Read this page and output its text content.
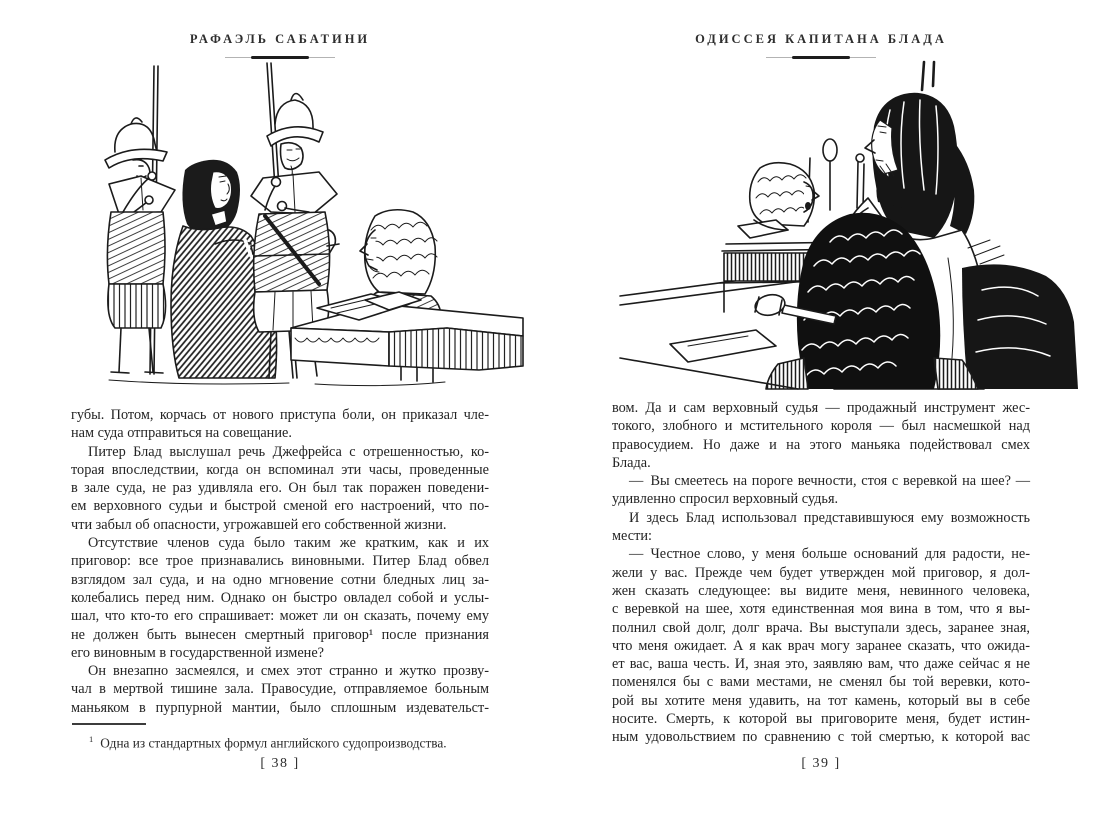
РАФАЭЛЬ САБАТИНИ
губы. Потом, корчась от нового приступа боли, он приказал чле-
нам суда отправиться на совещание.
Питер Блад выслушал речь Джефрейса с отрешенностью, ко-
торая впоследствии, когда он вспоминал эти часы, проведенные
в зале суда, не раз удивляла его. Он был так поражен поведени-
ем верховного судьи и быстрой сменой его настроений, что по-
чти забыл об опасности, угрожавшей его собственной жизни.
Отсутствие членов суда было таким же кратким, как и их
приговор: все трое признавались виновными. Питер Блад обвел
взглядом зал суда, и на одно мгновение сотни бледных лиц за-
колебались перед ним. Однако он быстро овладел собой и услы-
шал, что кто-то его спрашивает: может ли он сказать, почему ему
не должен быть вынесен смертный приговор¹ после признания
его виновным в государственной измене?
Он внезапно засмеялся, и смех этот странно и жутко прозву-
чал в мертвой тишине зала. Правосудие, отправляемое больным
маньяком в пурпурной мантии, было сплошным издевательст-
$^1$ Одна из стандартных формул английского судопроизводства.
[ 38 ]
ОДИССЕЯ КАПИТАНА БЛАДА
вом. Да и сам верховный судья — продажный инструмент жес-
токого, злобного и мстительного короля — был насмешкой над
правосудием. Но даже и на этого маньяка подействовал смех
Блада.
— Вы смеетесь на пороге вечности, стоя с веревкой на шее? —
удивленно спросил верховный судья.
И здесь Блад использовал представившуюся ему возможность
мести:
— Честное слово, у меня больше оснований для радости, не-
жели у вас. Прежде чем будет утвержден мой приговор, я дол-
жен сказать следующее: вы видите меня, невинного человека,
с веревкой на шее, хотя единственная моя вина в том, что я вы-
полнил свой долг, долг врача. Вы выступали здесь, заранее зная,
что меня ожидает. А я как врач могу заранее сказать, что ожида-
ет вас, ваша честь. И, зная это, заявляю вам, что даже сейчас я не
поменялся бы с вами местами, не сменял бы той веревки, кото-
рой вы хотите меня удавить, на тот камень, который вы в себе
носите. Смерть, к которой вы приговорите меня, будет истин-
ным удовольствием по сравнению с той смертью, к которой вас
[ 39 ]
